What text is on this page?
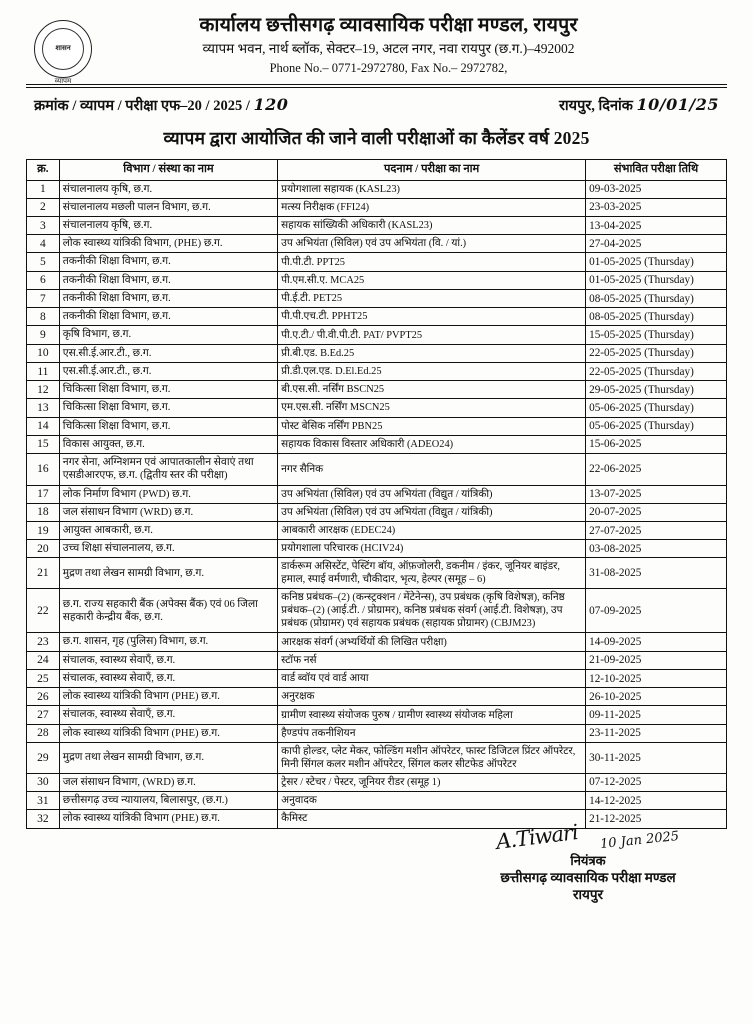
शासन
व्यापम
कार्यालय छत्तीसगढ़ व्यावसायिक परीक्षा मण्डल, रायपुर
व्यापम भवन, नार्थ ब्लॉक, सेक्टर–19, अटल नगर, नवा रायपुर (छ.ग.)–492002
Phone No.– 0771-2972780, Fax No.– 2972782,
क्रमांक / व्यापम / परीक्षा एफ–20 / 2025 / 120	रायपुर, दिनांक 10/01/25
व्यापम द्वारा आयोजित की जाने वाली परीक्षाओं का कैलेंडर वर्ष 2025
क्र.	विभाग / संस्था का नाम	पदनाम / परीक्षा का नाम	संभावित परीक्षा तिथि
1	संचालनालय कृषि, छ.ग.	प्रयोगशाला सहायक (KASL23)	09-03-2025
2	संचालनालय मछली पालन विभाग, छ.ग.	मत्स्य निरीक्षक (FFI24)	23-03-2025
3	संचालनालय कृषि, छ.ग.	सहायक सांख्यिकी अधिकारी (KASL23)	13-04-2025
4	लोक स्वास्थ्य यांत्रिकी विभाग, (PHE) छ.ग.	उप अभियंता (सिविल) एवं उप अभियंता (वि. / यां.)	27-04-2025
5	तकनीकी शिक्षा विभाग, छ.ग.	पी.पी.टी. PPT25	01-05-2025 (Thursday)
6	तकनीकी शिक्षा विभाग, छ.ग.	पी.एम.सी.ए. MCA25	01-05-2025 (Thursday)
7	तकनीकी शिक्षा विभाग, छ.ग.	पी.ई.टी. PET25	08-05-2025 (Thursday)
8	तकनीकी शिक्षा विभाग, छ.ग.	पी.पी.एच.टी. PPHT25	08-05-2025 (Thursday)
9	कृषि विभाग, छ.ग.	पी.ए.टी./ पी.वी.पी.टी. PAT/ PVPT25	15-05-2025 (Thursday)
10	एस.सी.ई.आर.टी., छ.ग.	प्री.बी.एड. B.Ed.25	22-05-2025 (Thursday)
11	एस.सी.ई.आर.टी., छ.ग.	प्री.डी.एल.एड. D.El.Ed.25	22-05-2025 (Thursday)
12	चिकित्सा शिक्षा विभाग, छ.ग.	बी.एस.सी. नर्सिंग BSCN25	29-05-2025 (Thursday)
13	चिकित्सा शिक्षा विभाग, छ.ग.	एम.एस.सी. नर्सिंग MSCN25	05-06-2025 (Thursday)
14	चिकित्सा शिक्षा विभाग, छ.ग.	पोस्ट बेसिक नर्सिंग PBN25	05-06-2025 (Thursday)
15	विकास आयुक्त, छ.ग.	सहायक विकास विस्तार अधिकारी (ADEO24)	15-06-2025
16	नगर सेना, अग्निशमन एवं आपातकालीन सेवाएं तथा एसडीआरएफ, छ.ग. (द्वितीय स्तर की परीक्षा)	नगर सैनिक	22-06-2025
17	लोक निर्माण विभाग (PWD) छ.ग.	उप अभियंता (सिविल) एवं उप अभियंता (विद्युत / यांत्रिकी)	13-07-2025
18	जल संसाधन विभाग (WRD) छ.ग.	उप अभियंता (सिविल) एवं उप अभियंता (विद्युत / यांत्रिकी)	20-07-2025
19	आयुक्त आबकारी, छ.ग.	आबकारी आरक्षक (EDEC24)	27-07-2025
20	उच्च शिक्षा संचालनालय, छ.ग.	प्रयोगशाला परिचारक (HCIV24)	03-08-2025
21	मुद्रण तथा लेखन सामग्री विभाग, छ.ग.	डार्करूम असिस्टेंट, पेस्टिंग बॉय, ऑफ़जोलरी, डकनीम / इंकर, जूनियर बाइंडर, हमाल, स्पाई वर्मणारी, चौकीदार, भृत्य, हेल्पर (समूह – 6)	31-08-2025
22	छ.ग. राज्य सहकारी बैंक (अपेक्स बैंक) एवं 06 जिला सहकारी केन्द्रीय बैंक, छ.ग.	कनिष्ठ प्रबंधक–(2) (कन्स्ट्रक्शन / मेंटेनेन्स), उप प्रबंधक (कृषि विशेषज्ञ), कनिष्ठ प्रबंधक–(2) (आई.टी. / प्रोग्रामर), कनिष्ठ प्रबंधक संवर्ग (आई.टी. विशेषज्ञ), उप प्रबंधक (प्रोग्रामर) एवं सहायक प्रबंधक (सहायक प्रोग्रामर) (CBJM23)	07-09-2025
23	छ.ग. शासन, गृह (पुलिस) विभाग, छ.ग.	आरक्षक संवर्ग (अभ्यर्थियों की लिखित परीक्षा)	14-09-2025
24	संचालक, स्वास्थ्य सेवाएँ, छ.ग.	स्टॉफ नर्स	21-09-2025
25	संचालक, स्वास्थ्य सेवाएँ, छ.ग.	वार्ड ब्वॉय एवं वार्ड आया	12-10-2025
26	लोक स्वास्थ्य यांत्रिकी विभाग (PHE) छ.ग.	अनुरक्षक	26-10-2025
27	संचालक, स्वास्थ्य सेवाएँ, छ.ग.	ग्रामीण स्वास्थ्य संयोजक पुरुष / ग्रामीण स्वास्थ्य संयोजक महिला	09-11-2025
28	लोक स्वास्थ्य यांत्रिकी विभाग (PHE) छ.ग.	हैण्डपंप तकनीशियन	23-11-2025
29	मुद्रण तथा लेखन सामग्री विभाग, छ.ग.	कापी होल्डर, प्लेट मेकर, फोल्डिंग मशीन ऑपरेटर, फास्ट डिजिटल प्रिंटर ऑपरेटर, मिनी सिंगल कलर मशीन ऑपरेटर, सिंगल कलर सीटफेड ऑपरेटर	30-11-2025
30	जल संसाधन विभाग, (WRD) छ.ग.	ट्रेसर / स्टेचर / पेस्टर, जूनियर रीडर (समूह 1)	07-12-2025
31	छत्तीसगढ़ उच्च न्यायालय, बिलासपुर, (छ.ग.)	अनुवादक	14-12-2025
32	लोक स्वास्थ्य यांत्रिकी विभाग (PHE) छ.ग.	कैमिस्ट	21-12-2025
A.Tiwari 10 Jan 2025
नियंत्रक
छत्तीसगढ़ व्यावसायिक परीक्षा मण्डल
रायपुर
